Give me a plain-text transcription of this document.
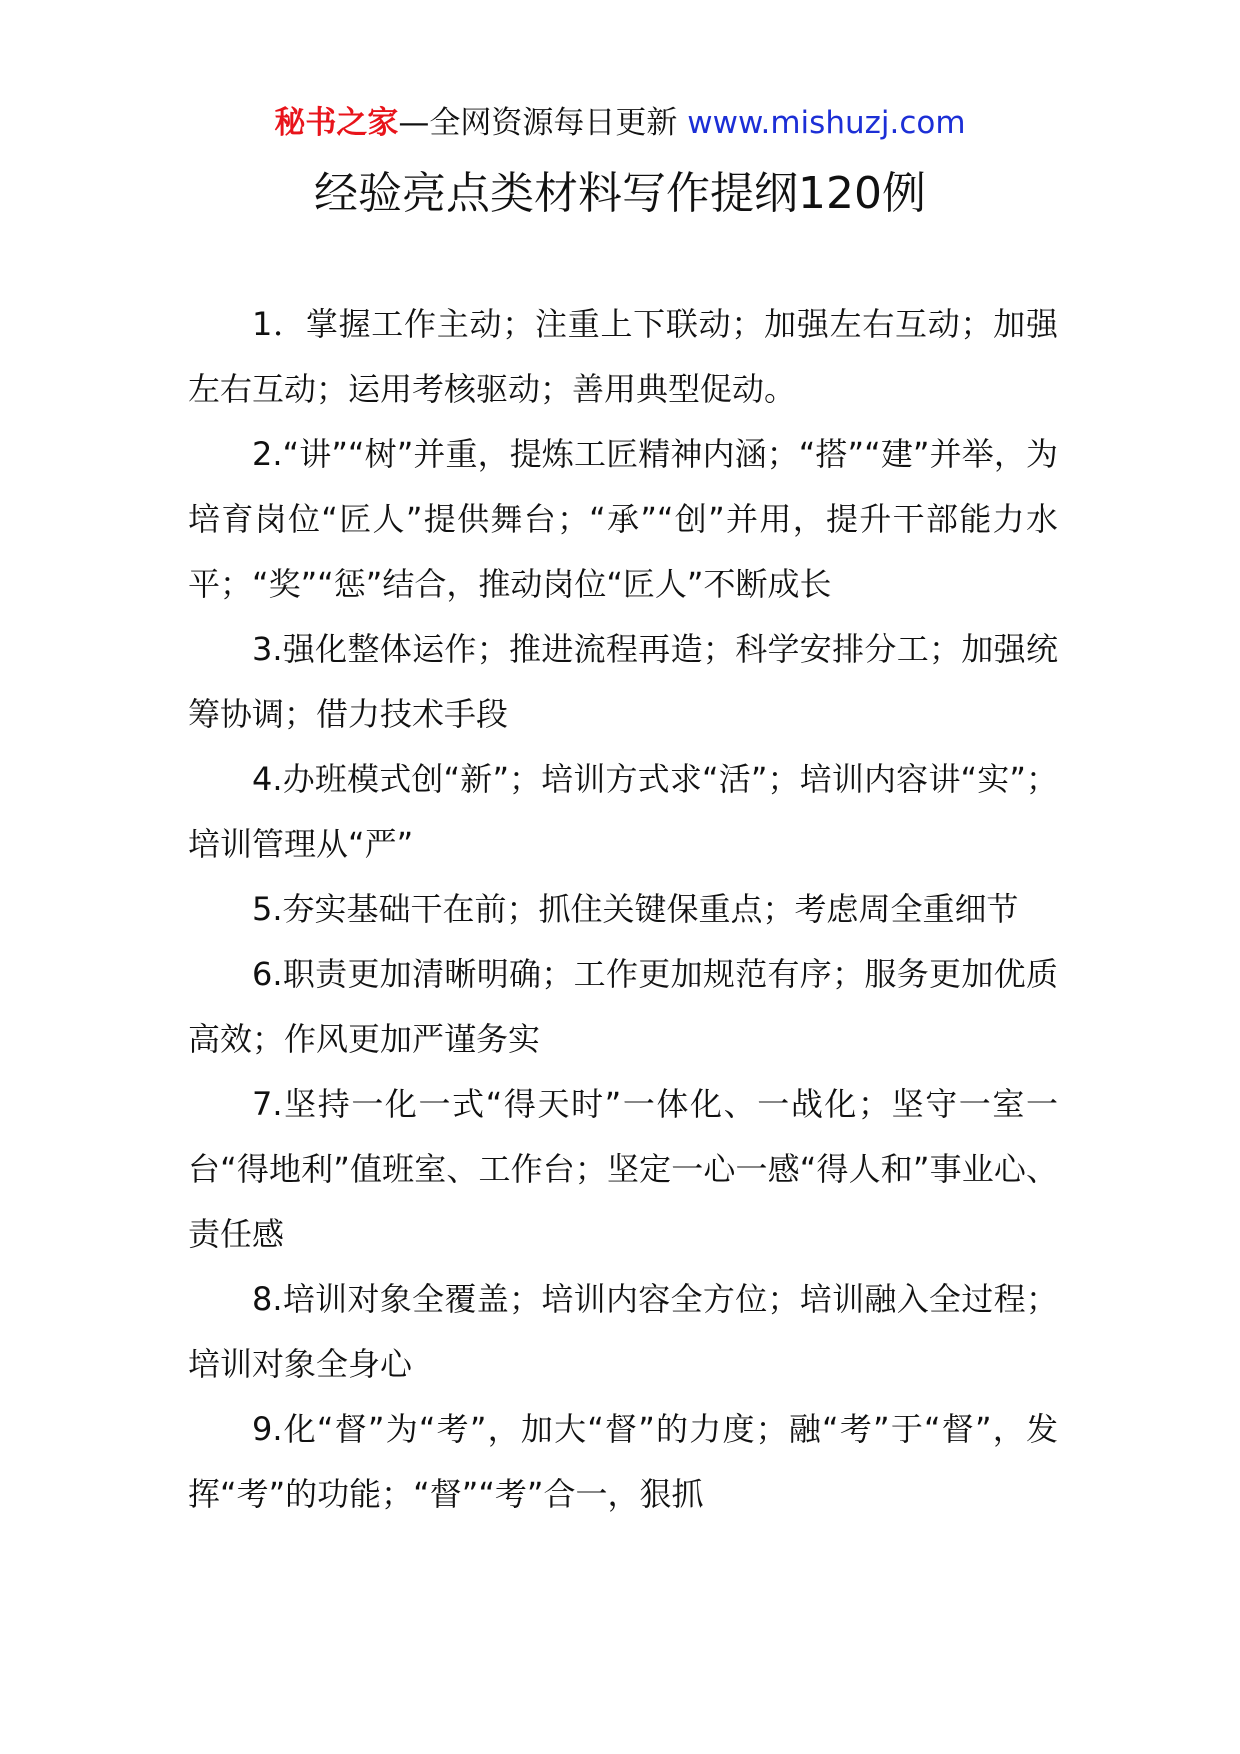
秘书之家—全网资源每日更新 www.mishuzj.com
经验亮点类材料写作提纲120例

1．掌握工作主动；注重上下联动；加强左右互动；加强左右互动；运用考核驱动；善用典型促动。

2.“讲”“树”并重，提炼工匠精神内涵；“搭”“建”并举，为培育岗位“匠人”提供舞台；“承”“创”并用，提升干部能力水平；“奖”“惩”结合，推动岗位“匠人”不断成长

3.强化整体运作；推进流程再造；科学安排分工；加强统筹协调；借力技术手段

4.办班模式创“新”；培训方式求“活”；培训内容讲“实”；培训管理从“严”

5.夯实基础干在前；抓住关键保重点；考虑周全重细节

6.职责更加清晰明确；工作更加规范有序；服务更加优质高效；作风更加严谨务实

7.坚持一化一式“得天时”一体化、一战化；坚守一室一台“得地利”值班室、工作台；坚定一心一感“得人和”事业心、责任感

8.培训对象全覆盖；培训内容全方位；培训融入全过程；培训对象全身心

9.化“督”为“考”，加大“督”的力度；融“考”于“督”，发挥“考”的功能；“督”“考”合一，狠抓
